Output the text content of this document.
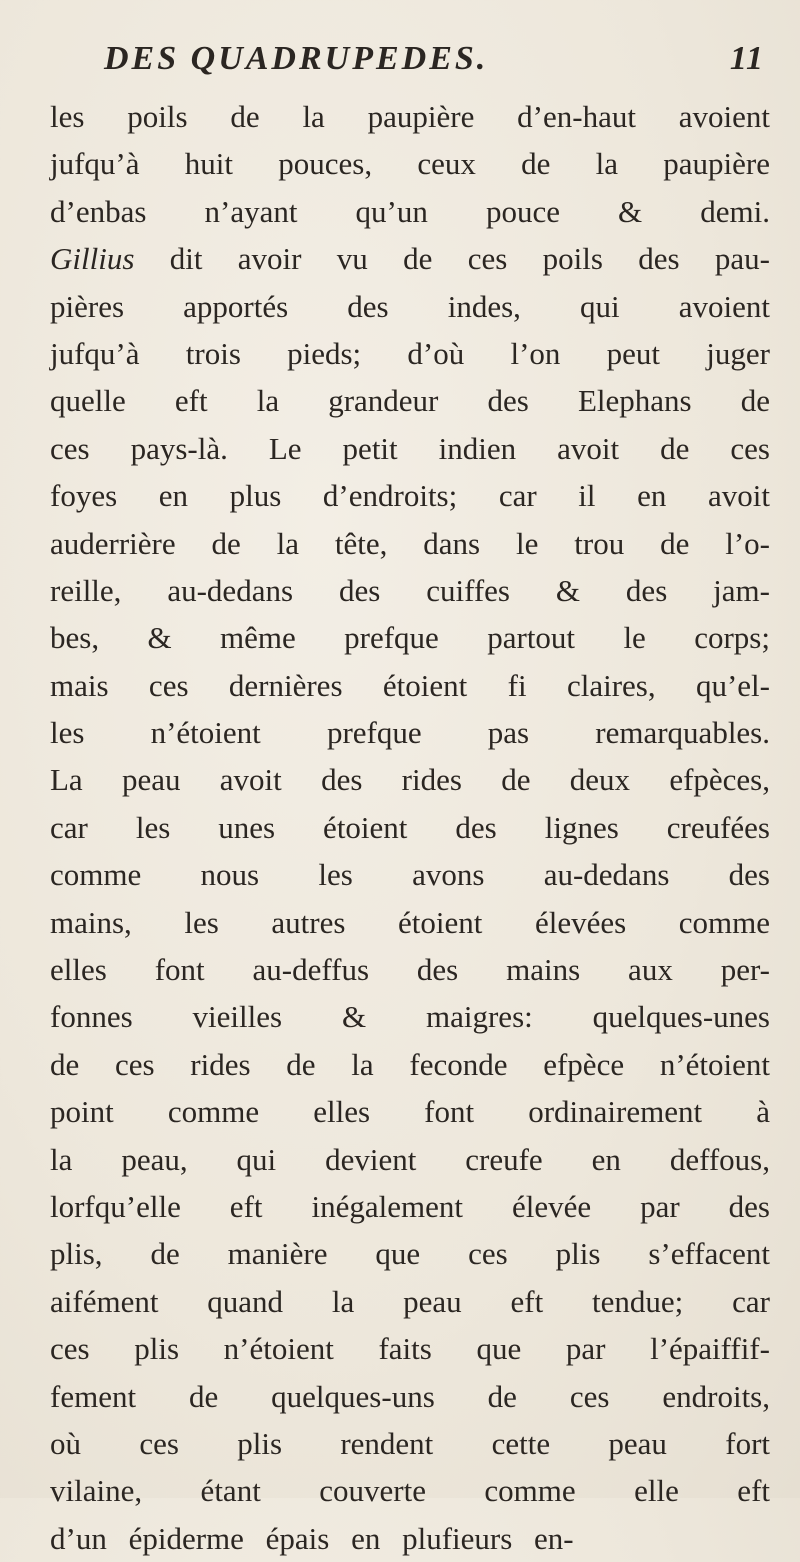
DES QUADRUPEDES.	11
les poils de la paupière d’en-haut avoient
jufqu’à huit pouces, ceux de la paupière
d’enbas n’ayant qu’un pouce & demi.
Gillius dit avoir vu de ces poils des pau-
pières apportés des indes, qui avoient
jufqu’à trois pieds; d’où l’on peut juger
quelle eft la grandeur des Elephans de
ces pays-là. Le petit indien avoit de ces
foyes en plus d’endroits; car il en avoit
auderrière de la tête, dans le trou de l’o-
reille, au-dedans des cuiffes & des jam-
bes, & même prefque partout le corps;
mais ces dernières étoient fi claires, qu’el-
les n’étoient prefque pas remarquables.
La peau avoit des rides de deux efpèces,
car les unes étoient des lignes creufées
comme nous les avons au-dedans des
mains, les autres étoient élevées comme
elles font au-deffus des mains aux per-
fonnes vieilles & maigres: quelques-unes
de ces rides de la feconde efpèce n’étoient
point comme elles font ordinairement à
la peau, qui devient creufe en deffous,
lorfqu’elle eft inégalement élevée par des
plis, de manière que ces plis s’effacent
aifément quand la peau eft tendue; car
ces plis n’étoient faits que par l’épaiffif-
fement de quelques-uns de ces endroits,
où ces plis rendent cette peau fort
vilaine, étant couverte comme elle eft
d’un épiderme épais en plufieurs en-
